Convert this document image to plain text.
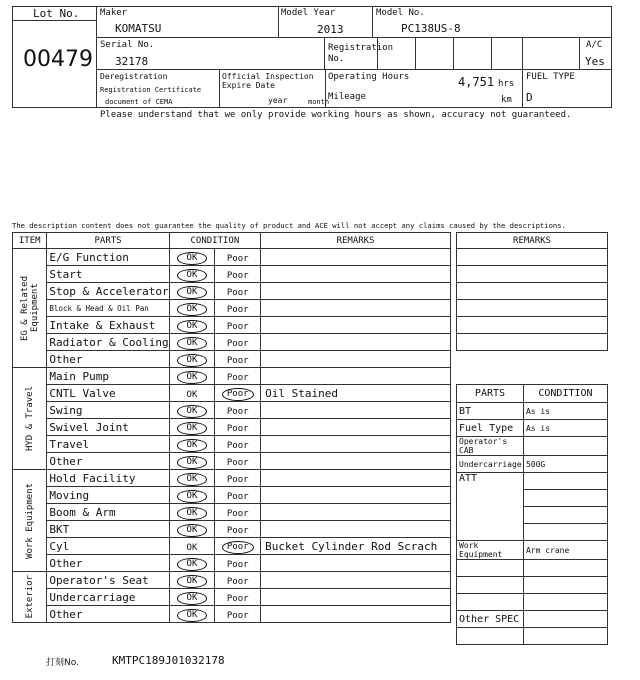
Lot No.
00479
Maker
KOMATSU
Model Year
2013
Model No.
PC138US-8
Serial No.
32178
Registration No.
A/C
Yes
Deregistration
Registration Certificate
document of CEMA
Official Inspection
Expire Date
year	month
Operating Hours	4,751 hrs
Mileage	km
FUEL TYPE
D
Please understand that we only provide working hours as shown, accuracy not guaranteed.
The description content does not guarantee the quality of product and ACE will not accept any claims caused by the descriptions.
ITEM	PARTS	CONDITION		REMARKS

EG & Related Equipment	E/G Function	OK	Poor	
	Start	OK	Poor	
	Stop & Accelerator	OK	Poor	
	Block & Head & Oil Pan	OK	Poor	
	Intake & Exhaust	OK	Poor	
	Radiator & Cooling	OK	Poor	
	Other	OK	Poor	

HYD & Travel	Main Pump	OK	Poor	
	CNTL Valve	OK	Poor	Oil Stained
	Swing	OK	Poor	
	Swivel Joint	OK	Poor	
	Travel	OK	Poor	
	Other	OK	Poor	

Work Equipment	Hold Facility	OK	Poor	
	Moving	OK	Poor	
	Boom & Arm	OK	Poor	
	BKT	OK	Poor	
	Cyl	OK	Poor	Bucket Cylinder Rod Scrach
	Other	OK	Poor	

Exterior	Operator's Seat	OK	Poor	
	Undercarriage	OK	Poor	
	Other	OK	Poor	
REMARKS

PARTS	CONDITION
BT	As is
Fuel Type	As is
Operator's CAB	
Undercarriage	500G
ATT	

Work Equipment	Arm crane

Other SPEC	

打刻No.	KMTPC189J01032178
